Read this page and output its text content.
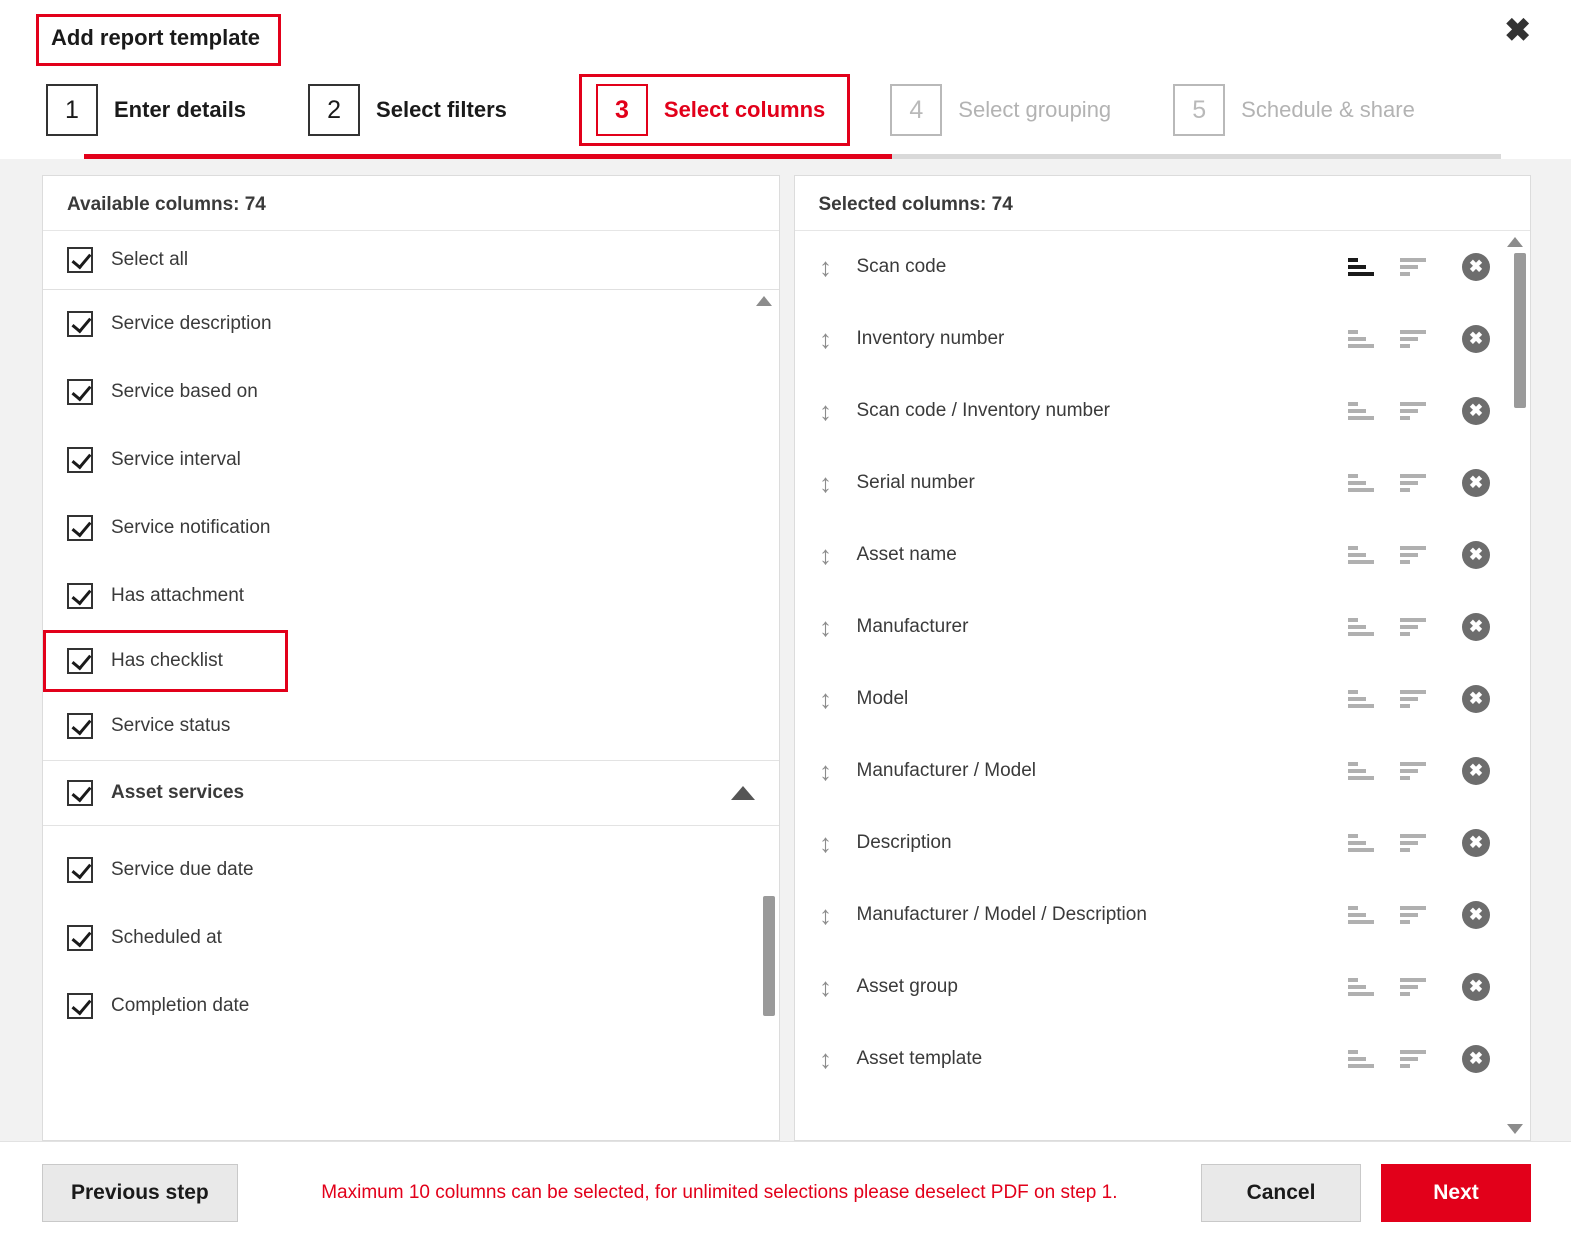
Add report template	✖
1	Enter details	2	Select filters	3	Select columns	4	Select grouping	5	Schedule & share
Available columns: 74
Select all
Service description
Service based on
Service interval
Service notification
Has attachment
Has checklist
Service status
Asset services
Service due date
Scheduled at
Completion date
Selected columns: 74
↕ Scan code	✖
↕ Inventory number	✖
↕ Scan code / Inventory number	✖
↕ Serial number	✖
↕ Asset name	✖
↕ Manufacturer	✖
↕ Model	✖
↕ Manufacturer / Model	✖
↕ Description	✖
↕ Manufacturer / Model / Description	✖
↕ Asset group	✖
↕ Asset template	✖
Previous step	Maximum 10 columns can be selected, for unlimited selections please deselect PDF on step 1.	Cancel	Next
